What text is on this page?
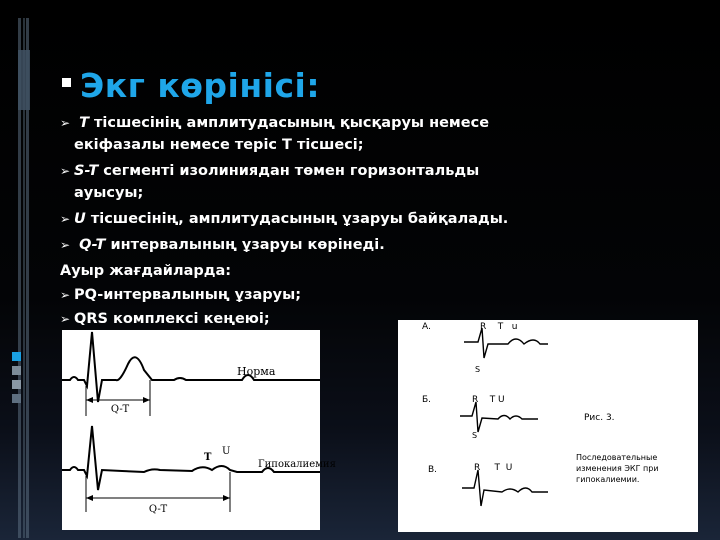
Экг көрінісі:
➢ T тісшесінің амплитудасының қысқаруы немесе
екіфазалы немесе теріс Т тісшесі;
➢ S-T сегменті изолиниядан төмен горизонтальды
ауысуы;
➢ U тісшесінің, амплитудасының ұзаруы байқалады.
➢ Q-T интервалының ұзаруы көрінеді.
Ауыр жағдайларда:
➢ PQ-интервалының ұзаруы;
➢ QRS комплексі кеңеюі;
Q-T
Норма
Q-T
T
U
Гипокалиемия
А.	R    T   u
S
Б.	R    T U
S
Рис. 3.
Последовательные
изменения ЭКГ при
гипокалиемии.
В.	R     T  U
